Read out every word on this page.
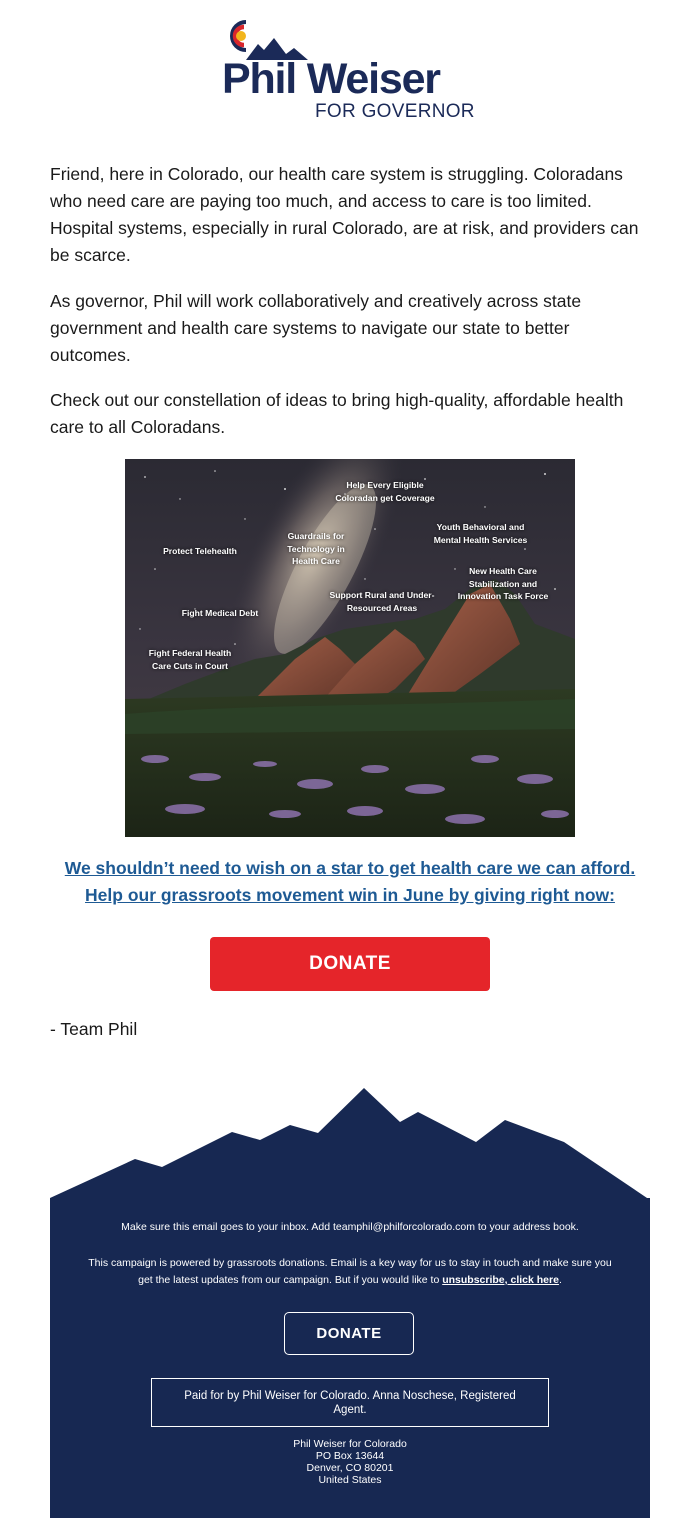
Phil Weiser
FOR GOVERNOR

Friend, here in Colorado, our health care system is struggling. Coloradans who need care are paying too much, and access to care is too limited. Hospital systems, especially in rural Colorado, are at risk, and providers can be scarce.

As governor, Phil will work collaboratively and creatively across state government and health care systems to navigate our state to better outcomes.

Check out our constellation of ideas to bring high-quality, affordable health care to all Coloradans.

Help Every Eligible Coloradan get Coverage
Youth Behavioral and Mental Health Services
Protect Telehealth
Guardrails for Technology in Health Care
New Health Care Stabilization and Innovation Task Force
Support Rural and Under-Resourced Areas
Fight Medical Debt
Fight Federal Health Care Cuts in Court
We shouldn’t need to wish on a star to get health care we can afford.
Help our grassroots movement win in June by giving right now:
DONATE
- Team Phil
Make sure this email goes to your inbox. Add teamphil@philforcolorado.com to your address book.
This campaign is powered by grassroots donations. Email is a key way for us to stay in touch and make sure you get the latest updates from our campaign. But if you would like to unsubscribe, click here.
DONATE
Paid for by Phil Weiser for Colorado. Anna Noschese, Registered Agent.
Phil Weiser for Colorado
PO Box 13644
Denver, CO 80201
United States
